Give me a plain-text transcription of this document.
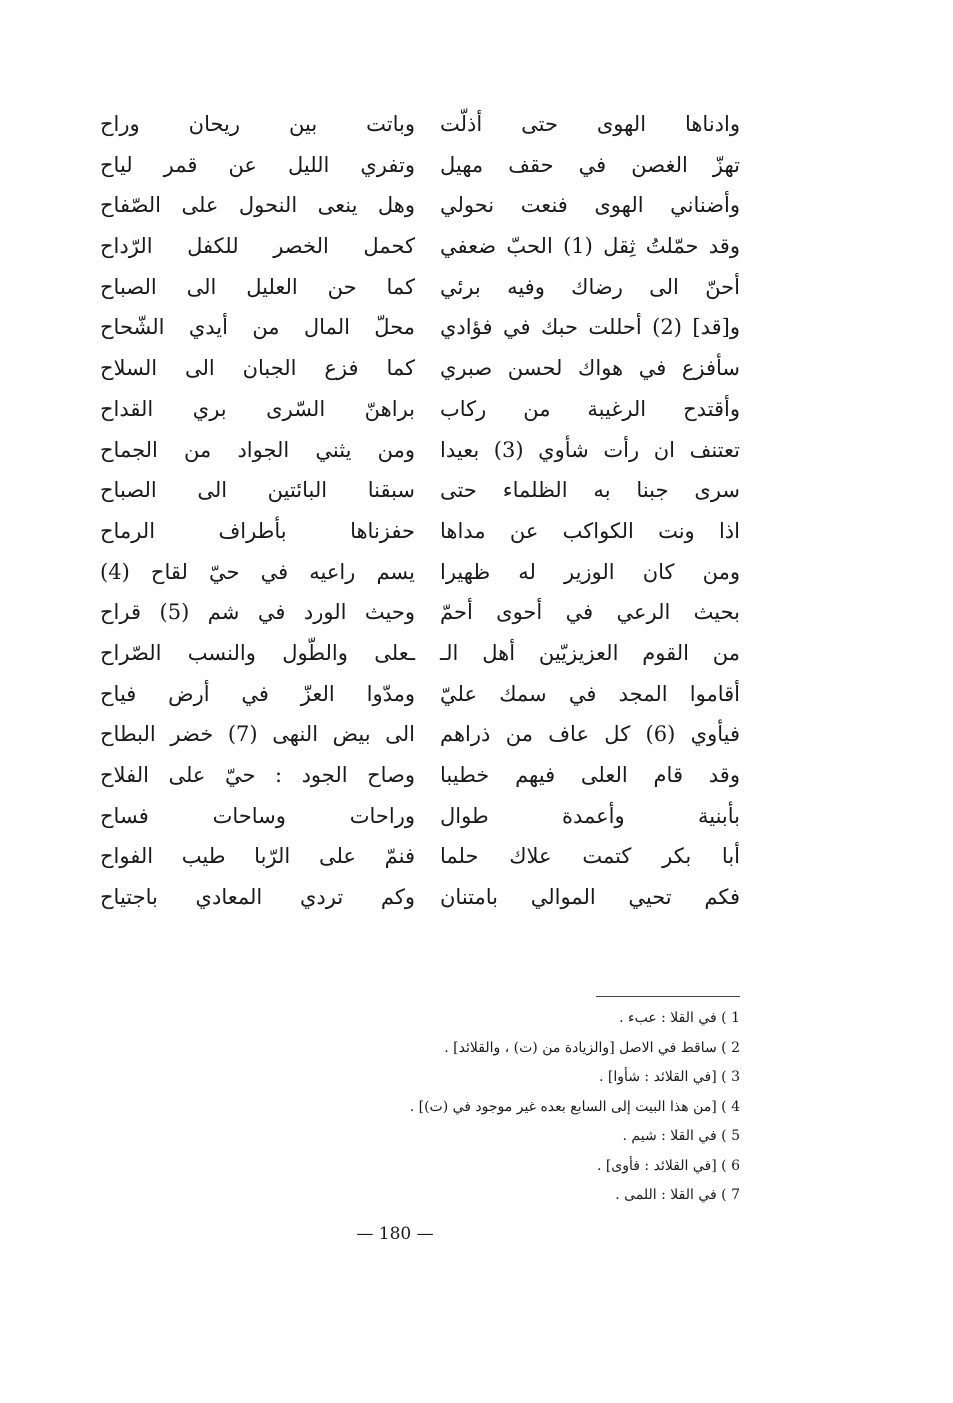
وادناها الهوى حتى أذلّت
وباتت بين ريحان وراح
تهزّ الغصن في حقف مهيل
وتفري الليل عن قمر لياح
وأضناني الهوى فنعت نحولي
وهل ينعى النحول على الصّفاح
وقد حمّلتُ ثِقل (1) الحبّ ضعفي
كحمل الخصر للكفل الرّداح
أحنّ الى رضاك وفيه برئي
كما حن العليل الى الصباح
و[قد] (2) أحللت حبك في فؤادي
محلّ المال من أيدي الشّحاح
سأفزع في هواك لحسن صبري
كما فزع الجبان الى السلاح
وأقتدح الرغيبة من ركاب
براهنّ السّرى بري القداح
تعتنف ان رأت شأوي (3) بعيدا
ومن يثني الجواد من الجماح
سرى جبنا به الظلماء حتى
سبقنا البائتين الى الصباح
اذا ونت الكواكب عن مداها
حفزناها بأطراف الرماح
ومن كان الوزير له ظهيرا
يسم راعيه في حيّ لقاح (4)
بحيث الرعي في أحوى أحمّ
وحيث الورد في شم (5) قراح
من القوم العزيزيّين أهل الـ
ـعلى والطّول والنسب الصّراح
أقاموا المجد في سمك عليّ
ومدّوا العزّ في أرض فياح
فيأوي (6) كل عاف من ذراهم
الى بيض النهى (7) خضر البطاح
وقد قام العلى فيهم خطيبا
وصاح الجود : حيّ على الفلاح
بأبنية وأعمدة طوال
وراحات وساحات فساح
أبا بكر كتمت علاك حلما
فنمّ على الرّبا طيب الفواح
فكم تحيي الموالي بامتنان
وكم تردي المعادي باجتياح
1 ) في القلا : عبء .
2 ) ساقط في الاصل [والزيادة من (ت) ، والقلائد] .
3 ) [في القلائد : شأوا] .
4 ) [من هذا البيت إلى السابع بعده غير موجود في (ت)] .
5 ) في القلا : شيم .
6 ) [في القلائد : فأوى] .
7 ) في القلا : اللمى .
— 180 —
